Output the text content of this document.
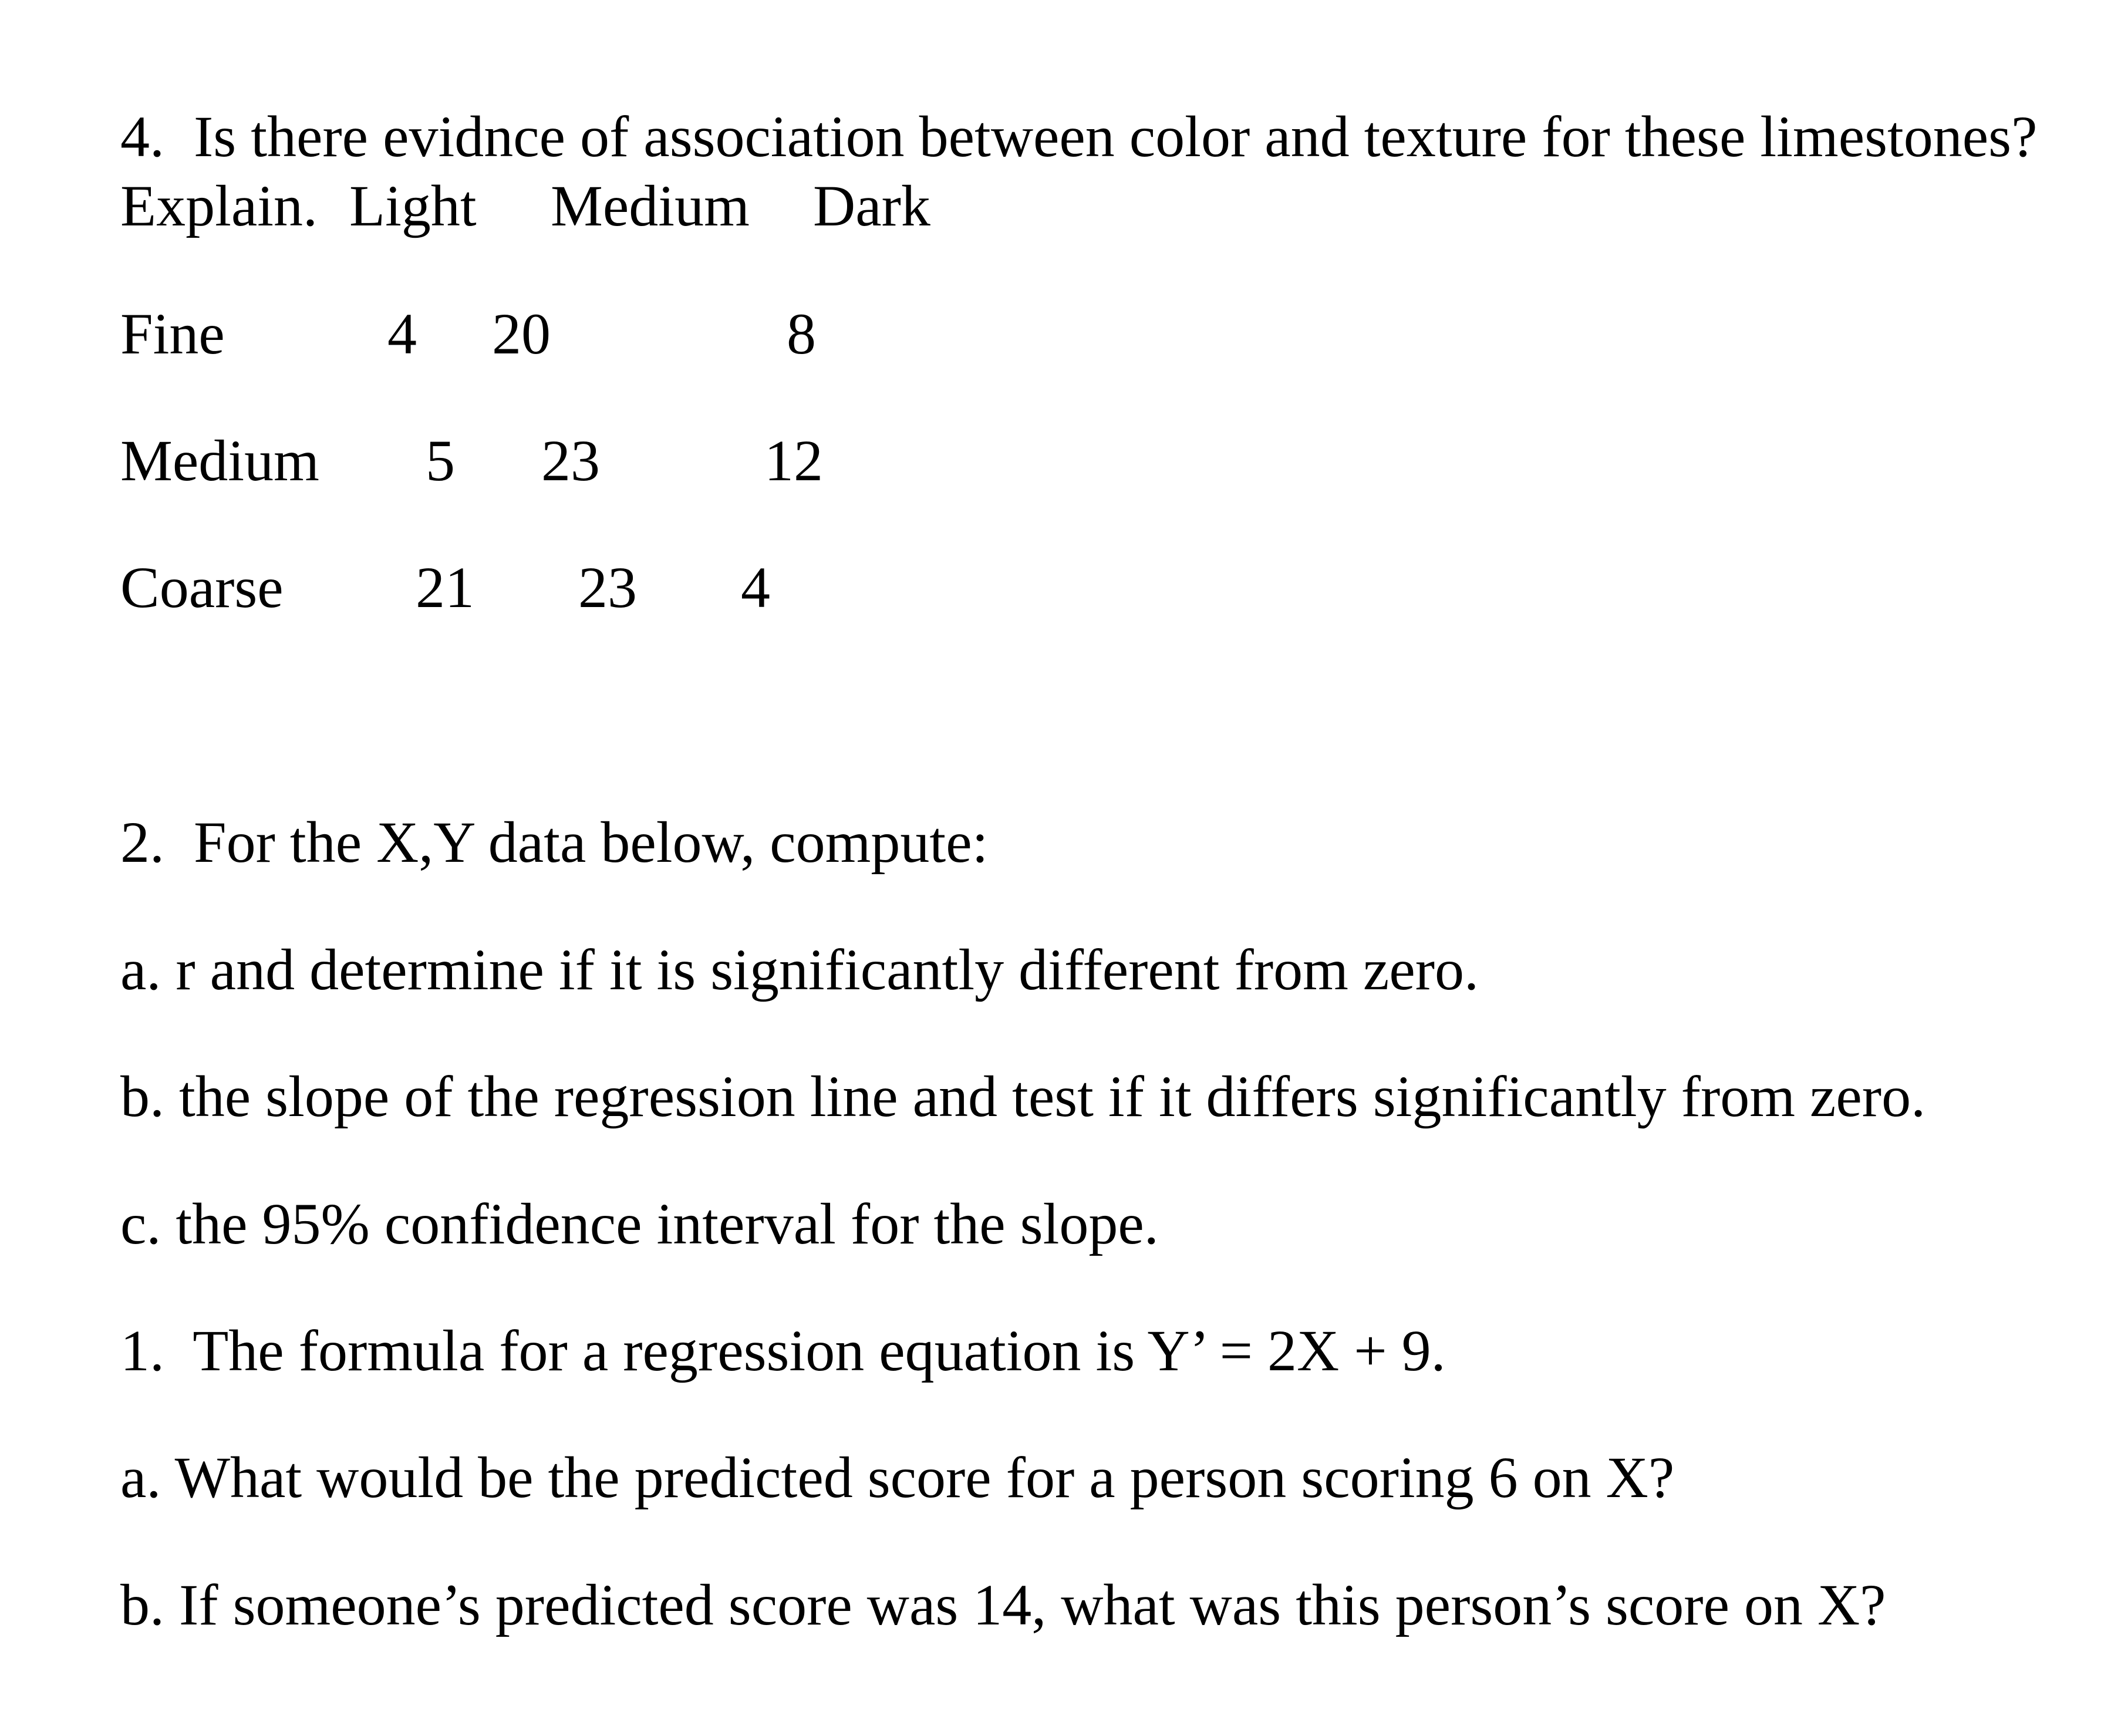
4.  Is there evidnce of association between color and texture for these limestones?
Explain. Light Medium Dark
Fine	4 20	8
Medium 5 23	12
Coarse 21 23 4
2.  For the X,Y data below, compute:
a. r and determine if it is significantly different from zero.
b. the slope of the regression line and test if it differs significantly from zero.
c. the 95% confidence interval for the slope.
1.  The formula for a regression equation is Y’ = 2X + 9.
a. What would be the predicted score for a person scoring 6 on X?
b. If someone’s predicted score was 14, what was this person’s score on X?
